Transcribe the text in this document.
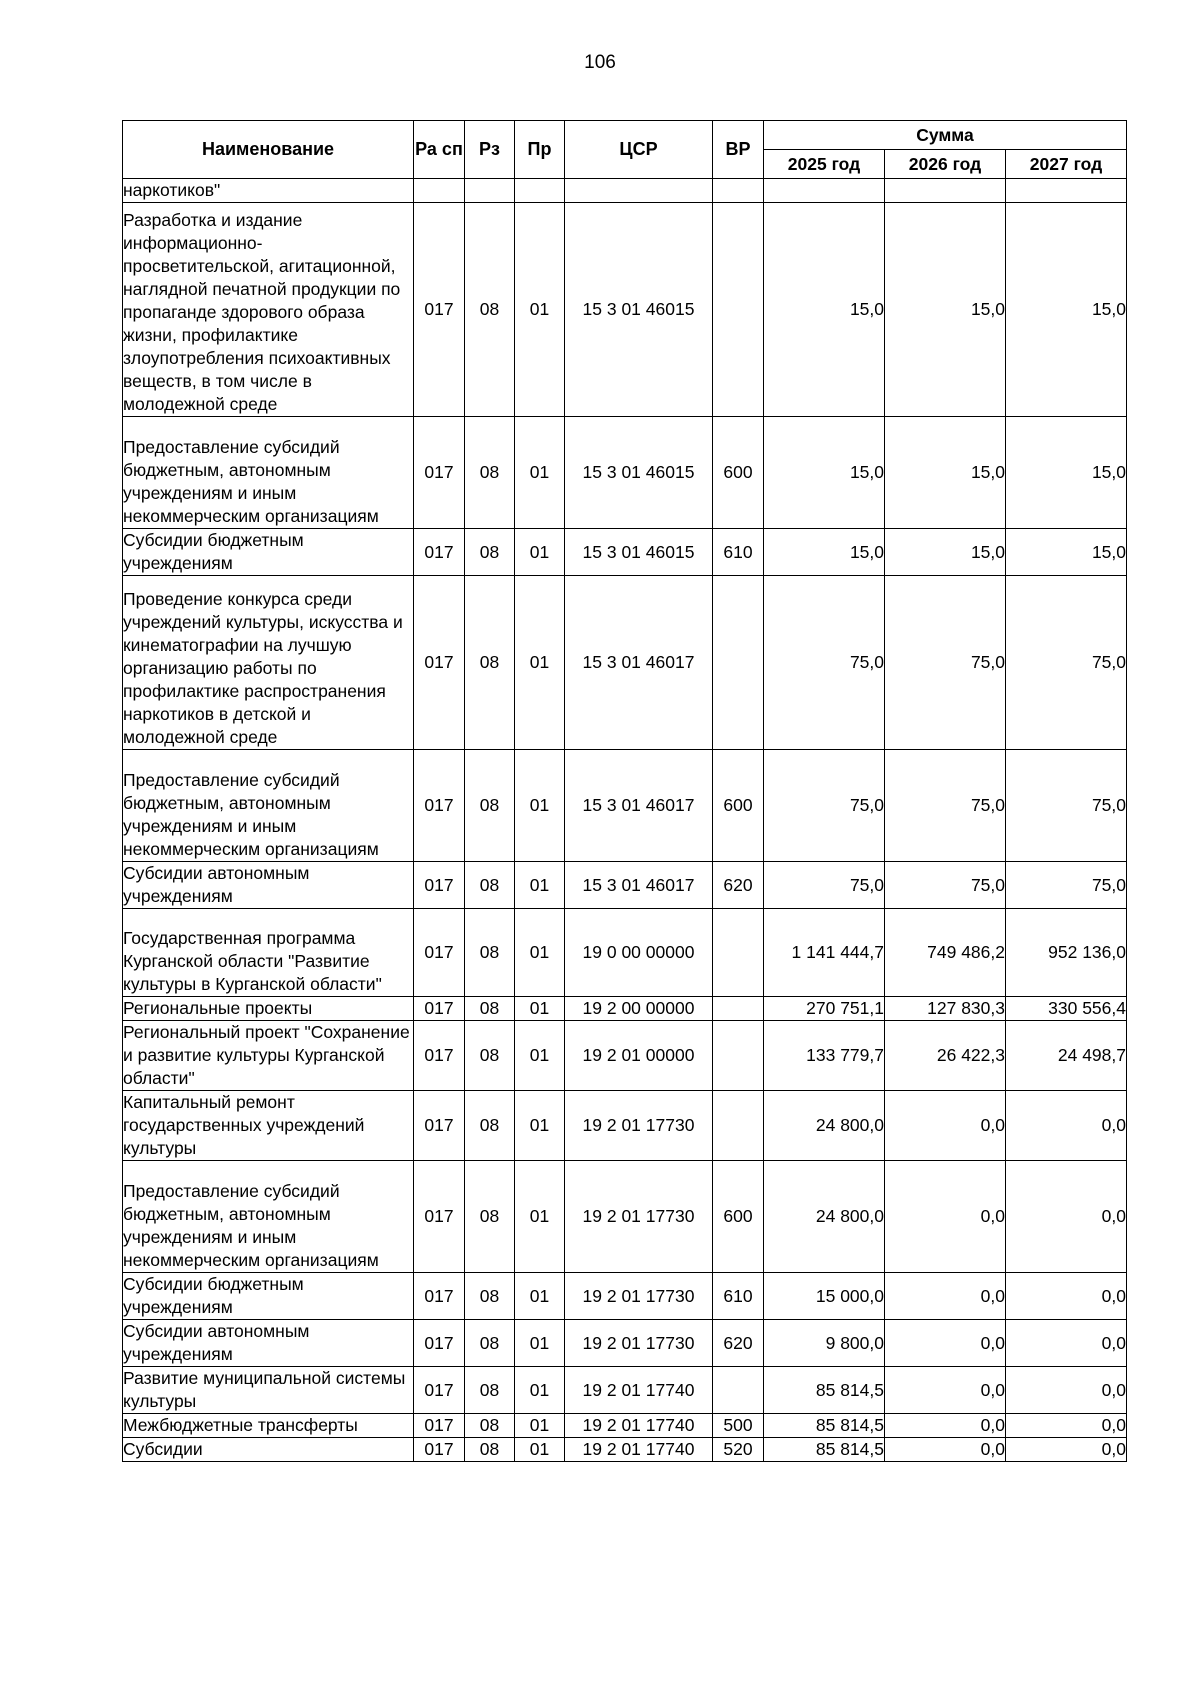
106
Наименование	Ра сп	Рз	Пр	ЦСР	ВР	Сумма		
						2025 год	2026 год	2027 год
наркотиков"								
Разработка и издание информационно-просветительской, агитационной, наглядной печатной продукции по пропаганде здорового образа жизни, профилактике злоупотребления психоактивных веществ, в том числе в молодежной среде	017	08	01	15 3 01 46015		15,0	15,0	15,0
Предоставление субсидий бюджетным, автономным учреждениям и иным некоммерческим организациям	017	08	01	15 3 01 46015	600	15,0	15,0	15,0
Субсидии бюджетным учреждениям	017	08	01	15 3 01 46015	610	15,0	15,0	15,0
Проведение конкурса среди учреждений культуры, искусства и кинематографии на лучшую организацию работы по профилактике распространения наркотиков в детской и молодежной среде	017	08	01	15 3 01 46017		75,0	75,0	75,0
Предоставление субсидий бюджетным, автономным учреждениям и иным некоммерческим организациям	017	08	01	15 3 01 46017	600	75,0	75,0	75,0
Субсидии автономным учреждениям	017	08	01	15 3 01 46017	620	75,0	75,0	75,0
Государственная программа Курганской области "Развитие культуры в Курганской области"	017	08	01	19 0 00 00000		1 141 444,7	749 486,2	952 136,0
Региональные проекты	017	08	01	19 2 00 00000		270 751,1	127 830,3	330 556,4
Региональный проект "Сохранение и развитие культуры Курганской области"	017	08	01	19 2 01 00000		133 779,7	26 422,3	24 498,7
Капитальный ремонт государственных учреждений культуры	017	08	01	19 2 01 17730		24 800,0	0,0	0,0
Предоставление субсидий бюджетным, автономным учреждениям и иным некоммерческим организациям	017	08	01	19 2 01 17730	600	24 800,0	0,0	0,0
Субсидии бюджетным учреждениям	017	08	01	19 2 01 17730	610	15 000,0	0,0	0,0
Субсидии автономным учреждениям	017	08	01	19 2 01 17730	620	9 800,0	0,0	0,0
Развитие муниципальной системы культуры	017	08	01	19 2 01 17740		85 814,5	0,0	0,0
Межбюджетные трансферты	017	08	01	19 2 01 17740	500	85 814,5	0,0	0,0
Субсидии	017	08	01	19 2 01 17740	520	85 814,5	0,0	0,0
